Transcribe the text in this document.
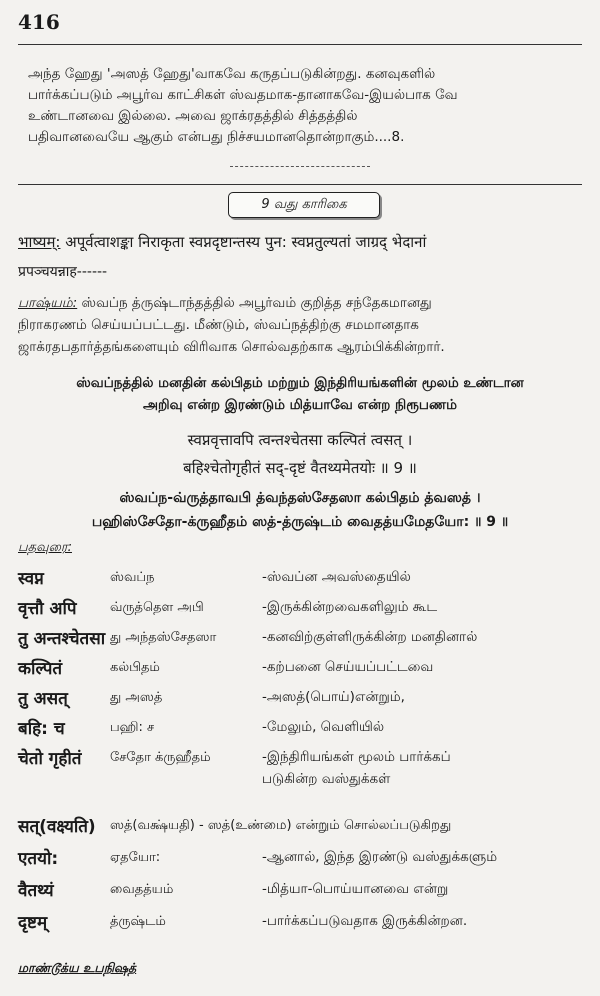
416
அந்த ஹேது 'அஸத் ஹேது'வாகவே கருதப்படுகின்றது. கனவுகளில்
பார்க்கப்படும் அபூர்வ காட்சிகள் ஸ்வதமாக-தானாகவே-இயல்பாக வே
உண்டானவை இல்லை. அவை ஜாக்ரதத்தில் சித்தத்தில்
பதிவானவையே ஆகும் என்பது நிச்சயமானதொன்றாகும்....8.
9 வது காரிகை
भाष्यम्: अपूर्वत्वाशङ्का निराकृता स्वप्नदृष्टान्तस्य पुन: स्वप्नतुल्यतां जाग्रद् भेदानां
प्रपञ्चयन्नाह------
பாஷ்யம்: ஸ்வப்ந த்ருஷ்டாந்தத்தில் அபூர்வம் குறித்த சந்தேகமானது
நிராகரணம் செய்யப்பட்டது. மீண்டும், ஸ்வப்நத்திற்கு சமமானதாக
ஜாக்ரதபதார்த்தங்களையும் விரிவாக சொல்வதற்காக ஆரம்பிக்கின்றார்.
ஸ்வப்நத்தில் மனதின் கல்பிதம் மற்றும் இந்திரியங்களின் மூலம் உண்டான
அறிவு என்ற இரண்டும் மித்யாவே என்ற நிரூபணம்
स्वप्नवृत्तावपि त्वन्तश्चेतसा कल्पितं त्वसत् ।
बहिश्चेतोगृहीतं सद्-दृष्टं वैतथ्यमेतयोः ॥ 9 ॥
ஸ்வப்ந-வ்ருத்தாவபி த்வந்தஸ்சேதஸா கல்பிதம் த்வஸத் ।
பஹிஸ்சேதோ-க்ருஹீதம் ஸத்-த்ருஷ்டம் வைதத்யமேதயோ: ॥ 9 ॥
பதவுரை:
स्वप्न	ஸ்வப்ந	-ஸ்வப்ன அவஸ்தையில்
वृत्तौ अपि	வ்ருத்தௌ அபி	-இருக்கின்றவைகளிலும் கூட
तु अन्तश्चेतसा து அந்தஸ்சேதஸா	-கனவிற்குள்ளிருக்கின்ற மனதினால்
कल्पितं	கல்பிதம்	-கற்பனை செய்யப்பட்டவை
तु असत्	து அஸத்	-அஸத்(பொய்)என்றும்,
बहि: च	பஹி: ச	-மேலும், வெளியில்
चेतो गृहीतं சேதோ க்ருஹீதம்	-இந்திரியங்கள் மூலம் பார்க்கப்
படுகின்ற வஸ்துக்கள்
सत्(वक्ष्यति) ஸத்(வக்ஷ்யதி) - ஸத்(உண்மை) என்றும் சொல்லப்படுகிறது
एतयो:	ஏதயோ:	-ஆனால், இந்த இரண்டு வஸ்துக்களும்
वैतथ्यं	வைதத்யம்	-மித்யா-பொய்யானவை என்று
दृष्टम्	த்ருஷ்டம்	-பார்க்கப்படுவதாக இருக்கின்றன.
மாண்டூக்ய உபநிஷத்
